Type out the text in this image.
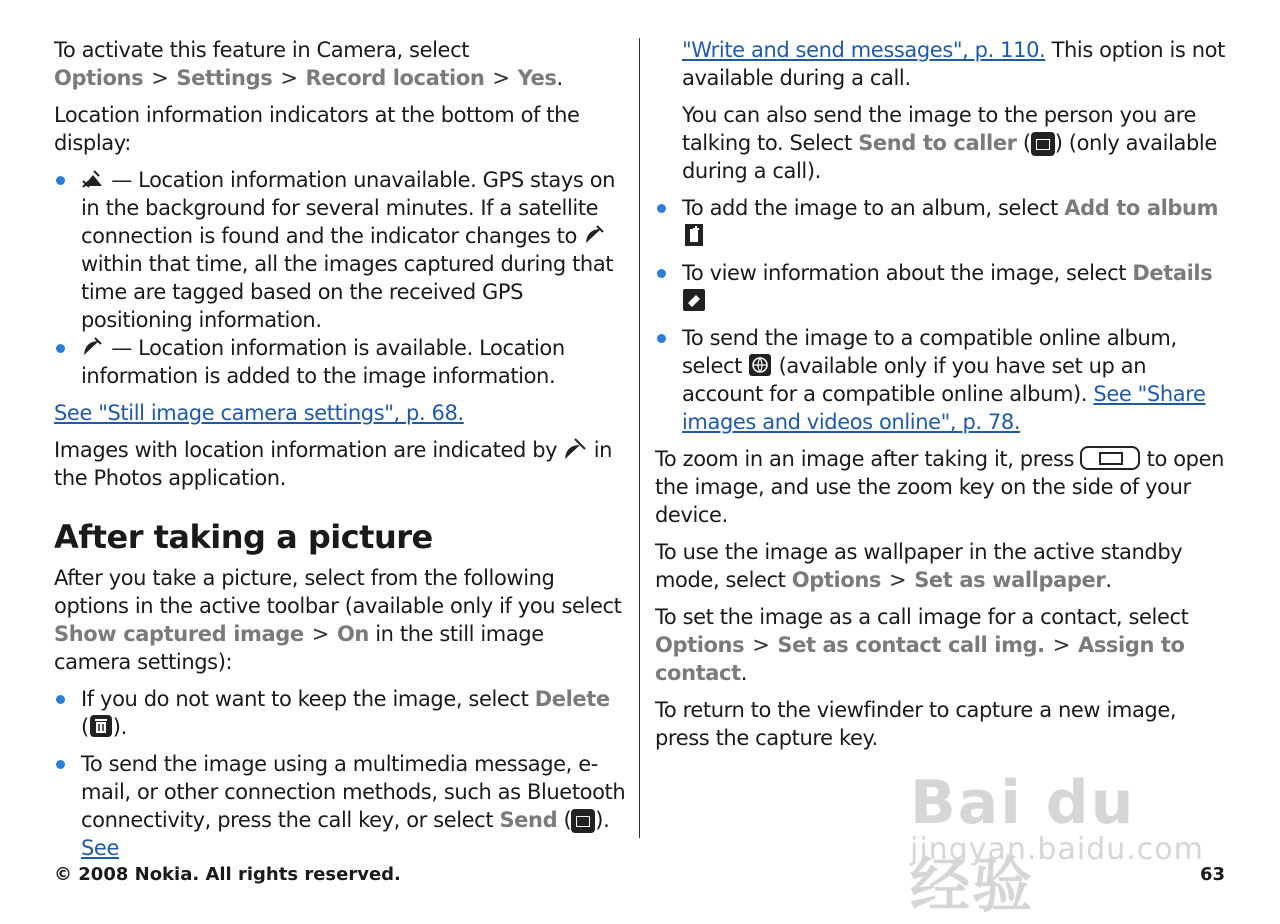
To activate this feature in Camera, select Options > Settings > Record location > Yes.

Location information indicators at the bottom of the display:

— Location information unavailable. GPS stays on in the background for several minutes. If a satellite connection is found and the indicator changes to  within that time, all the images captured during that time are tagged based on the received GPS positioning information.
— Location information is available. Location information is added to the image information.

See "Still image camera settings", p. 68.

Images with location information are indicated by in the Photos application.

After taking a picture

After you take a picture, select from the following options in the active toolbar (available only if you select Show captured image > On in the still image camera settings):

If you do not want to keep the image, select Delete
( ).
To send the image using a multimedia message, e-mail, or other connection methods, such as Bluetooth connectivity, press the call key, or select Send ( ). See

"Write and send messages", p. 110. This option is not available during a call.

You can also send the image to the person you are talking to. Select Send to caller ( ) (only available during a call).

To add the image to an album, select Add to album
To view information about the image, select Details
To send the image to a compatible online album, select (available only if you have set up an account for a compatible online album). See "Share images and videos online", p. 78.

To zoom in an image after taking it, press	to open the image, and use the zoom key on the side of your device.

To use the image as wallpaper in the active standby mode, select Options > Set as wallpaper.

To set the image as a call image for a contact, select Options > Set as contact call img. > Assign to contact.

To return to the viewfinder to capture a new image, press the capture key.

Bai du 经验
jingyan.baidu.com
© 2008 Nokia. All rights reserved.	63
